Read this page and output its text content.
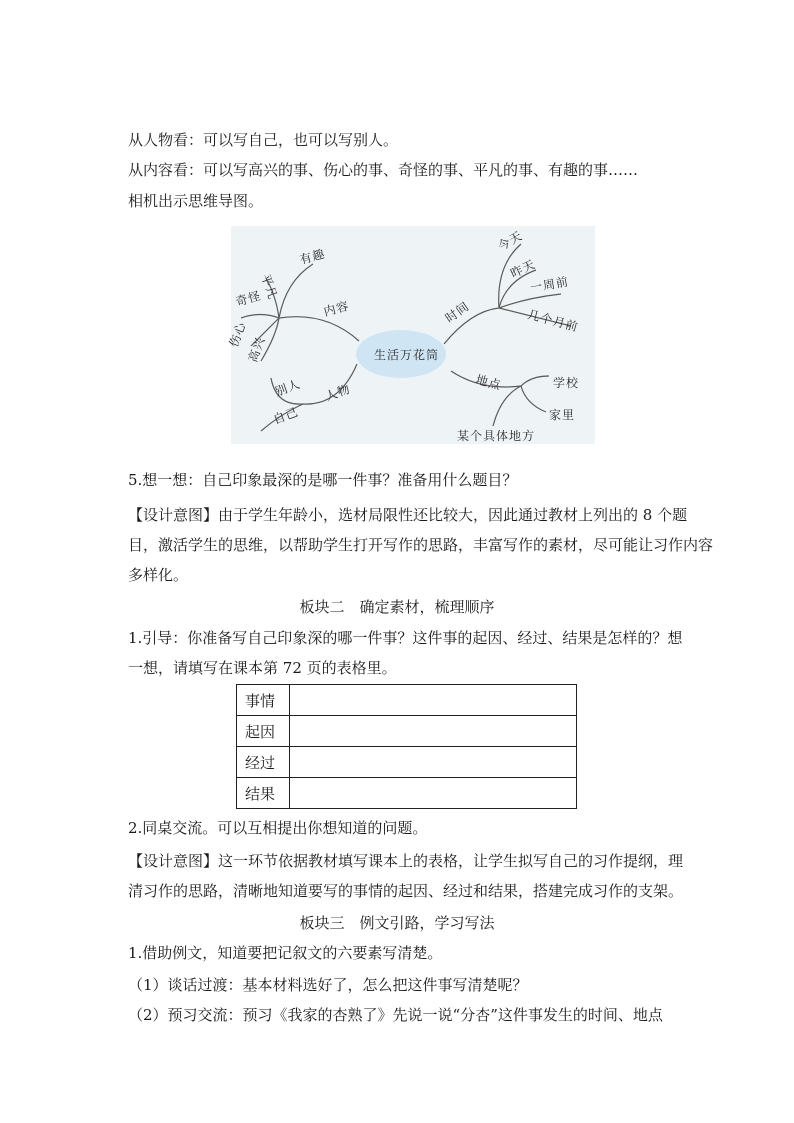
从人物看：可以写自己，也可以写别人。
从内容看：可以写高兴的事、伤心的事、奇怪的事、平凡的事、有趣的事……
相机出示思维导图。
生活万花筒
内容
有趣
平凡
奇怪
伤心
高兴
人物
别人
自己
时间
今天
昨天
一周前
几个月前
地点	学校
家里
某个具体地方
5.想一想：自己印象最深的是哪一件事？准备用什么题目？
【设计意图】由于学生年龄小，选材局限性还比较大，因此通过教材上列出的 8 个题
目，激活学生的思维，以帮助学生打开写作的思路，丰富写作的素材，尽可能让习作内容
多样化。
板块二　确定素材，梳理顺序
1.引导：你准备写自己印象深的哪一件事？这件事的起因、经过、结果是怎样的？想
一想，请填写在课本第 72 页的表格里。
事情	
起因	
经过	
结果	
2.同桌交流。可以互相提出你想知道的问题。
【设计意图】这一环节依据教材填写课本上的表格，让学生拟写自己的习作提纲，理
清习作的思路，清晰地知道要写的事情的起因、经过和结果，搭建完成习作的支架。
板块三　例文引路，学习写法
1.借助例文，知道要把记叙文的六要素写清楚。
（1）谈话过渡：基本材料选好了，怎么把这件事写清楚呢？
（2）预习交流：预习《我家的杏熟了》先说一说“分杏”这件事发生的时间、地点
